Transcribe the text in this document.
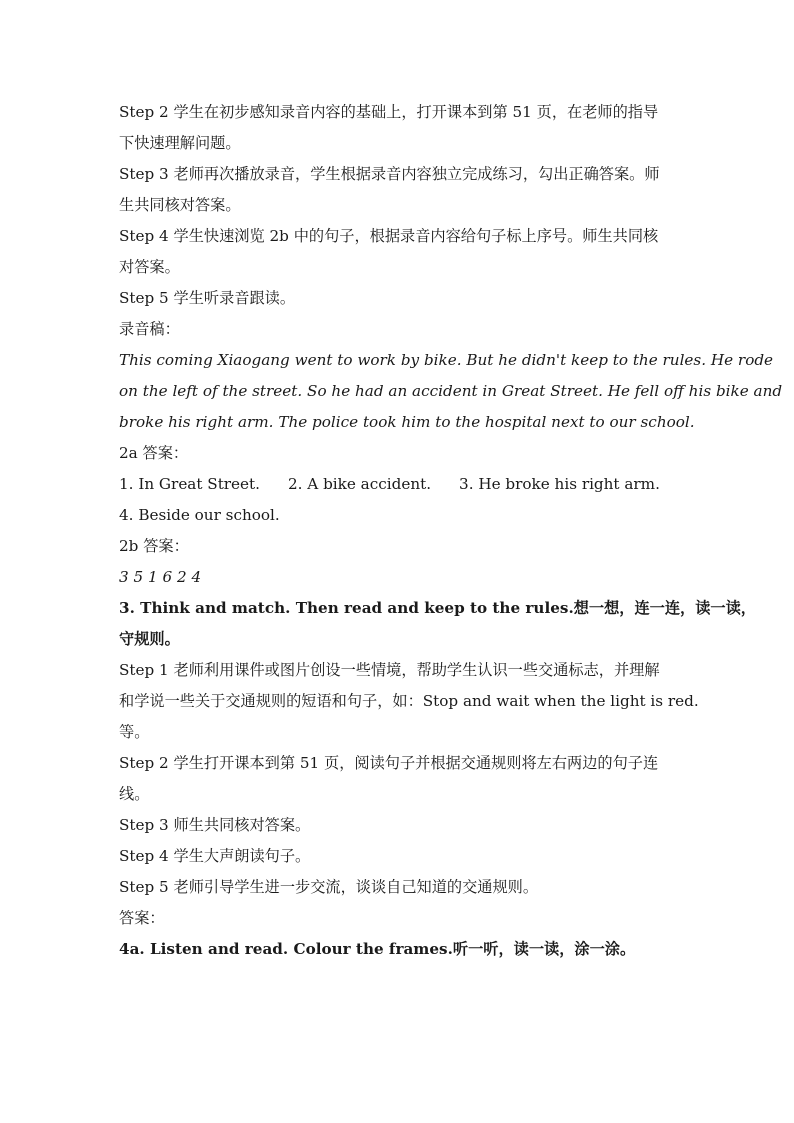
Step 2 学生在初步感知录音内容的基础上，打开课本到第 51 页，在老师的指导
下快速理解问题。
Step 3 老师再次播放录音，学生根据录音内容独立完成练习，勾出正确答案。师
生共同核对答案。
Step 4 学生快速浏览 2b 中的句子，根据录音内容给句子标上序号。师生共同核
对答案。
Step 5 学生听录音跟读。
录音稿：
This coming Xiaogang went to work by bike. But he didn't keep to the rules. He rode
on the left of the street. So he had an accident in Great Street. He fell off his bike and
broke his right arm. The police took him to the hospital next to our school.
2a 答案：
1. In Great Street. 2. A bike accident. 3. He broke his right arm.
4. Beside our school.
2b 答案：
3 5 1 6 2 4
3. Think and match. Then read and keep to the rules.想一想，连一连，读一读，
守规则。
Step 1 老师利用课件或图片创设一些情境，帮助学生认识一些交通标志，并理解
和学说一些关于交通规则的短语和句子，如：Stop and wait when the light is red.
等。
Step 2 学生打开课本到第 51 页，阅读句子并根据交通规则将左右两边的句子连
线。
Step 3 师生共同核对答案。
Step 4 学生大声朗读句子。
Step 5 老师引导学生进一步交流，谈谈自己知道的交通规则。
答案：
4a. Listen and read. Colour the frames.听一听，读一读，涂一涂。
